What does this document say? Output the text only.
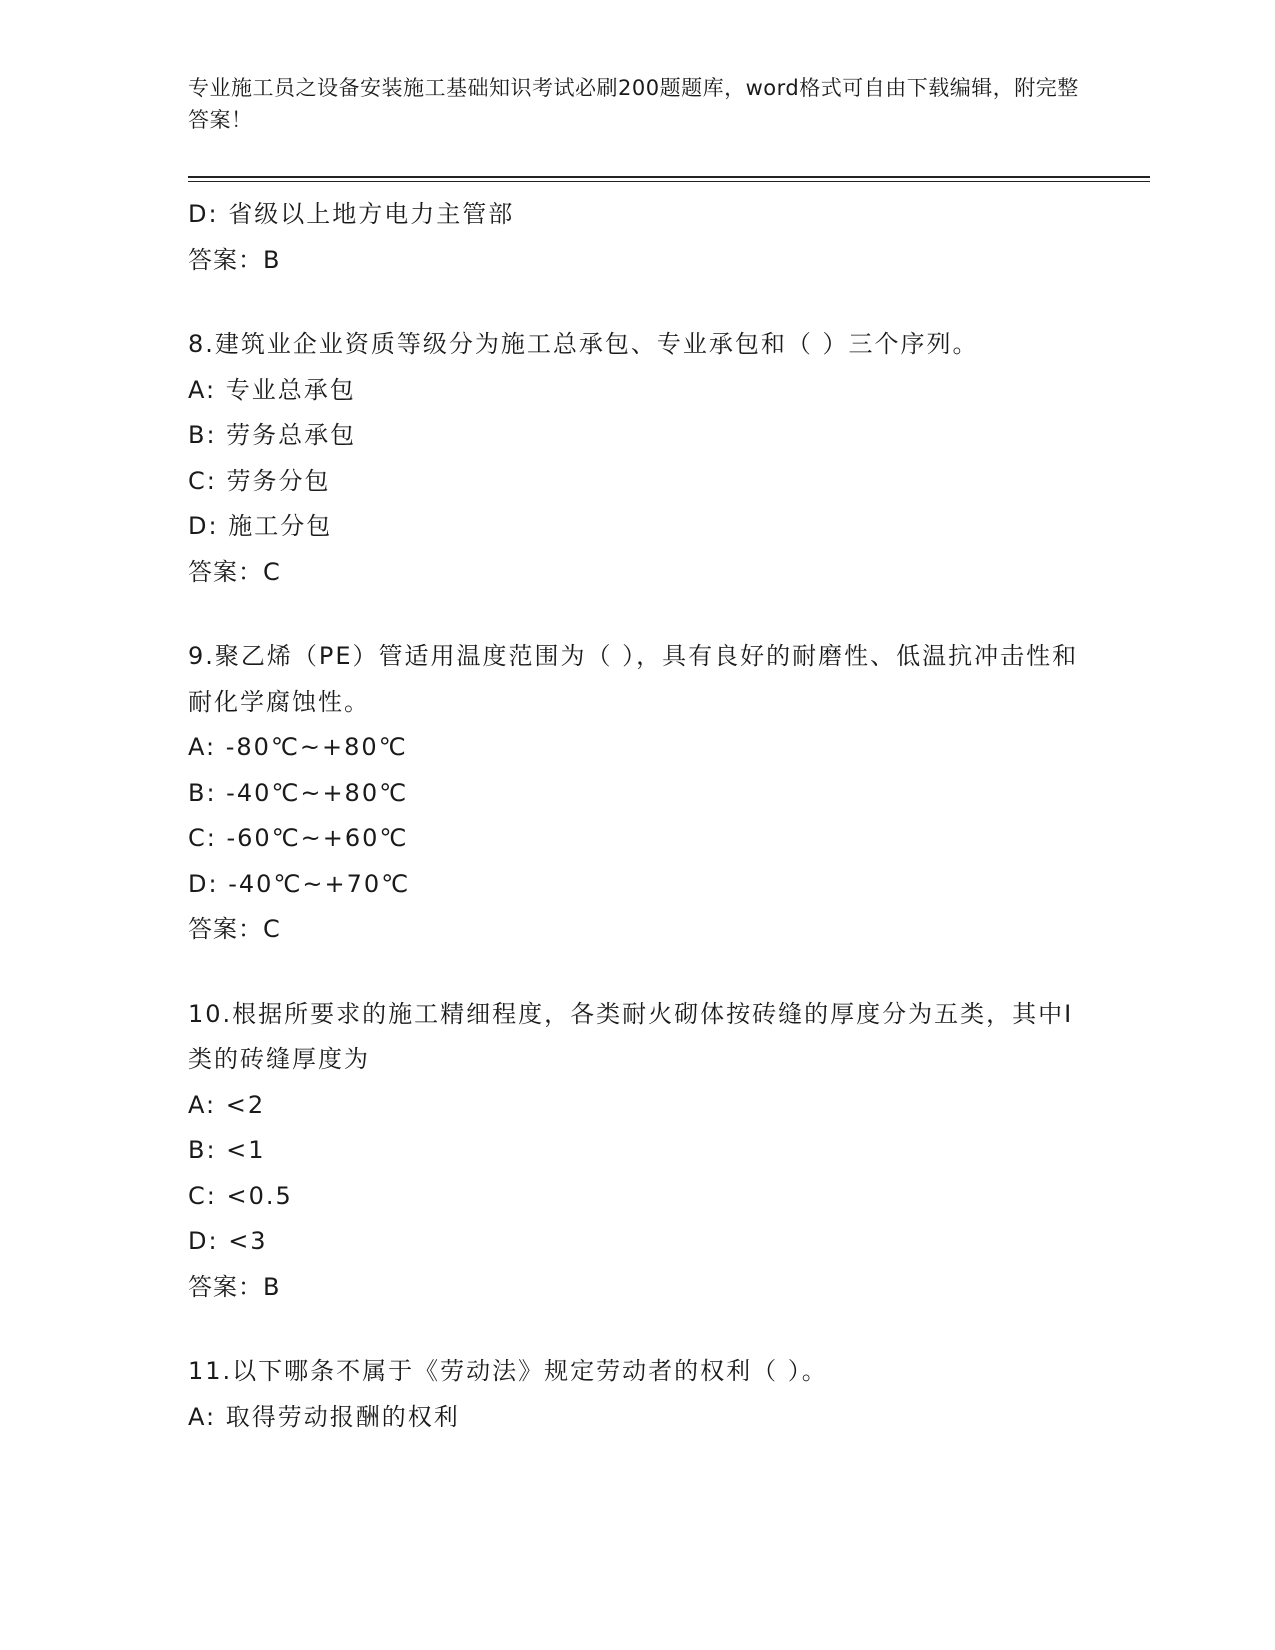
专业施工员之设备安装施工基础知识考试必刷200题题库，word格式可自由下载编辑，附完整答案！
D: 省级以上地方电力主管部
答案：B
8.建筑业企业资质等级分为施工总承包、专业承包和（ ）三个序列。
A: 专业总承包
B: 劳务总承包
C: 劳务分包
D: 施工分包
答案：C
9.聚乙烯（PE）管适用温度范围为（ ），具有良好的耐磨性、低温抗冲击性和耐化学腐蚀性。
A: -80℃~+80℃
B: -40℃~+80℃
C: -60℃~+60℃
D: -40℃~+70℃
答案：C
10.根据所要求的施工精细程度，各类耐火砌体按砖缝的厚度分为五类，其中Ⅰ类的砖缝厚度为
A: <2
B: <1
C: <0.5
D: <3
答案：B
11.以下哪条不属于《劳动法》规定劳动者的权利（ ）。
A: 取得劳动报酬的权利
